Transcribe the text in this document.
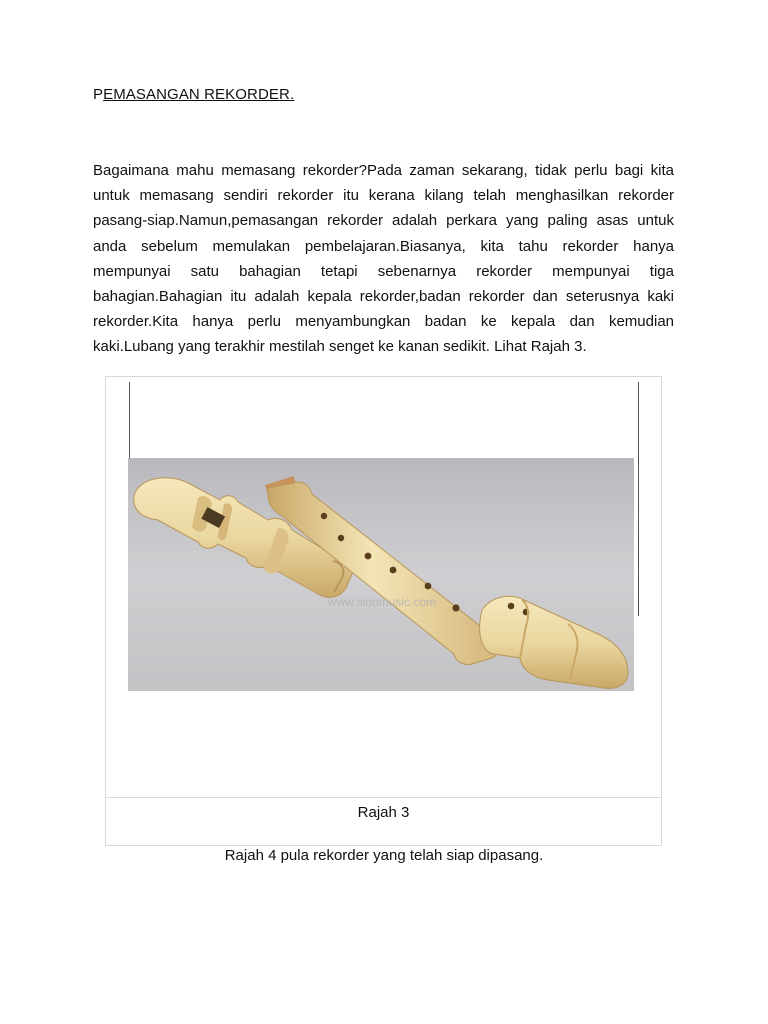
PEMASANGAN REKORDER.

Bagaimana mahu memasang rekorder?Pada zaman sekarang, tidak perlu bagi kita untuk memasang sendiri rekorder itu kerana kilang telah menghasilkan rekorder pasang-siap.Namun,pemasangan rekorder adalah perkara yang paling asas untuk anda sebelum memulakan pembelajaran.Biasanya, kita tahu rekorder hanya mempunyai satu bahagian tetapi sebenarnya rekorder mempunyai tiga bahagian.Bahagian itu adalah kepala rekorder,badan rekorder dan seterusnya kaki rekorder.Kita hanya perlu menyambungkan badan ke kepala dan kemudian kaki.Lubang yang terakhir mestilah senget ke kanan sedikit. Lihat Rajah 3.

www.sinomusic.com
Rajah 3
Rajah 4 pula rekorder yang telah siap dipasang.
